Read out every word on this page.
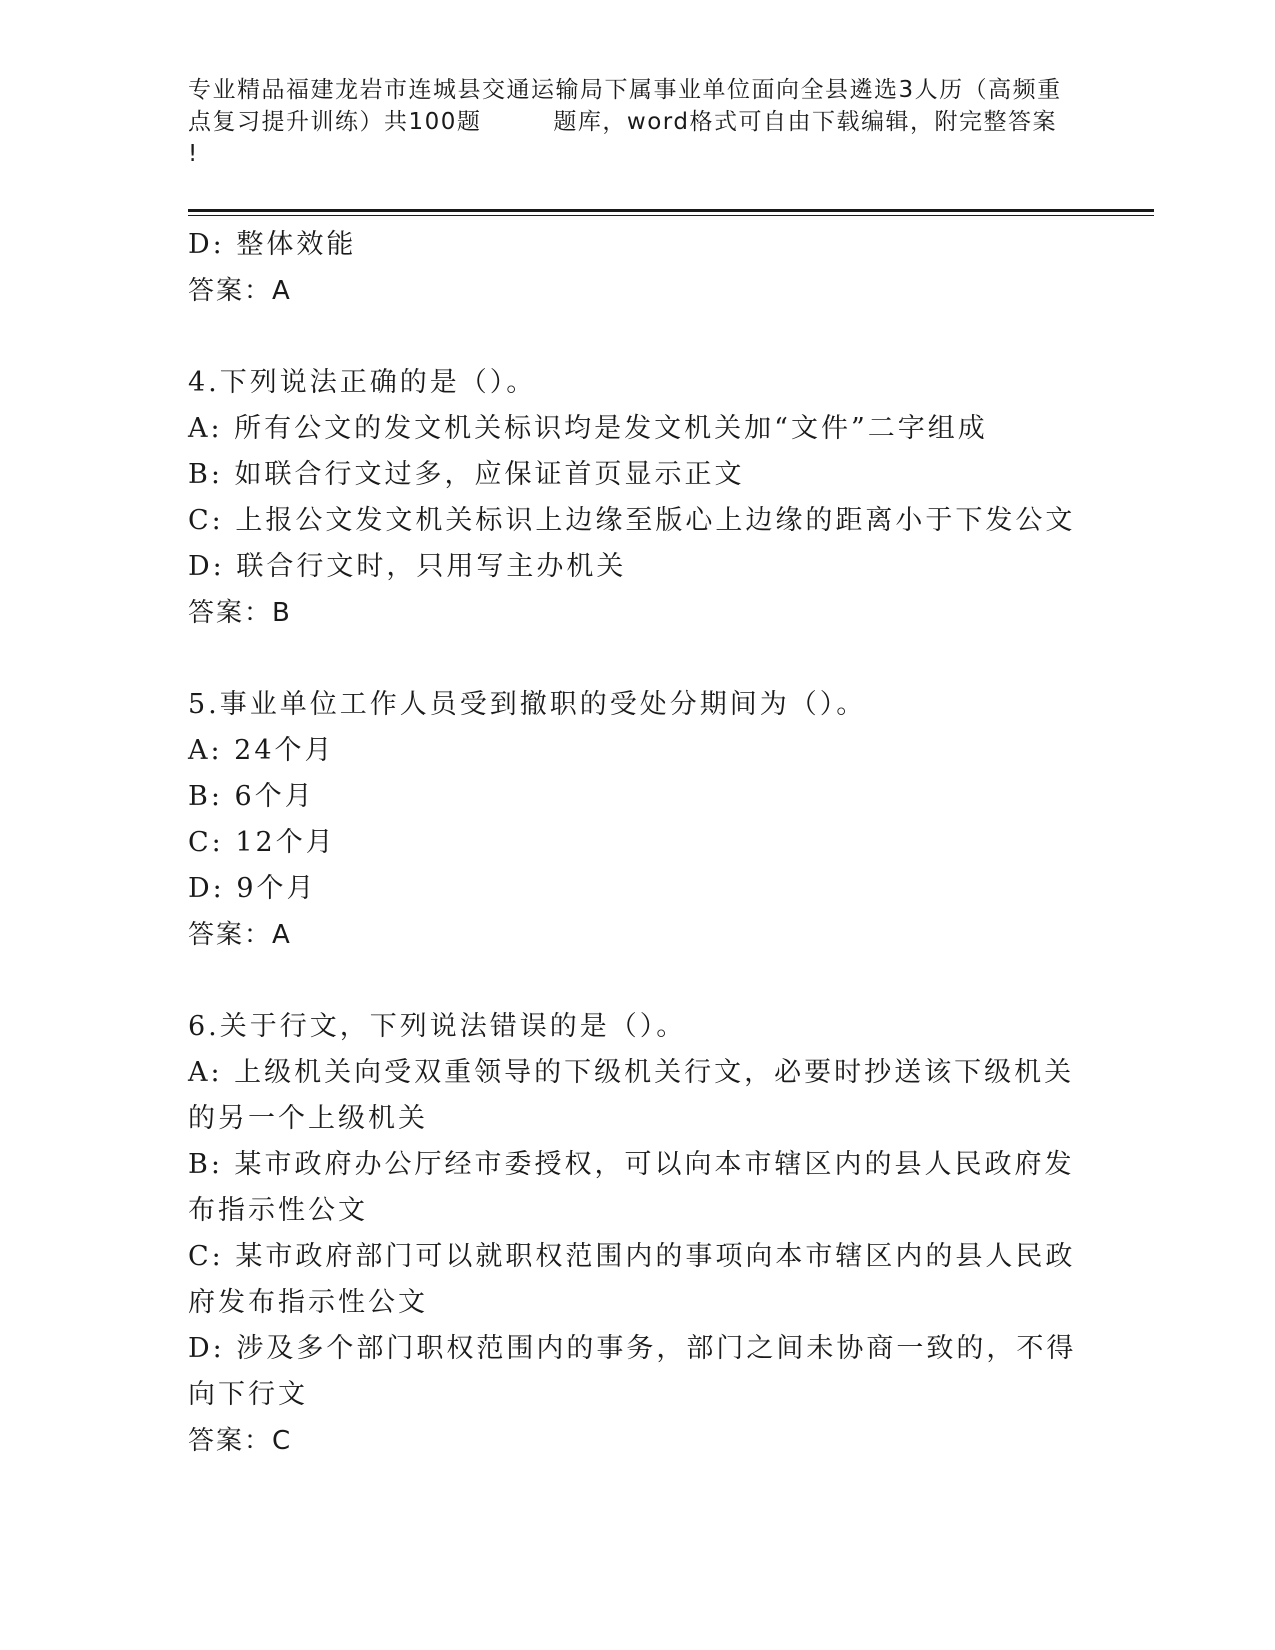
专业精品福建龙岩市连城县交通运输局下属事业单位面向全县遴选3人历（高频重
点复习提升训练）共100题	题库，word格式可自由下载编辑，附完整答案
!
D: 整体效能
答案：A
4.下列说法正确的是（）。
A: 所有公文的发文机关标识均是发文机关加“文件”二字组成
B: 如联合行文过多，应保证首页显示正文
C: 上报公文发文机关标识上边缘至版心上边缘的距离小于下发公文
D: 联合行文时，只用写主办机关
答案：B
5.事业单位工作人员受到撤职的受处分期间为（）。
A: 24个月
B: 6个月
C: 12个月
D: 9个月
答案：A
6.关于行文，下列说法错误的是（）。
A: 上级机关向受双重领导的下级机关行文，必要时抄送该下级机关的另一个上级机关
B: 某市政府办公厅经市委授权，可以向本市辖区内的县人民政府发布指示性公文
C: 某市政府部门可以就职权范围内的事项向本市辖区内的县人民政府发布指示性公文
D: 涉及多个部门职权范围内的事务，部门之间未协商一致的，不得向下行文
答案：C
